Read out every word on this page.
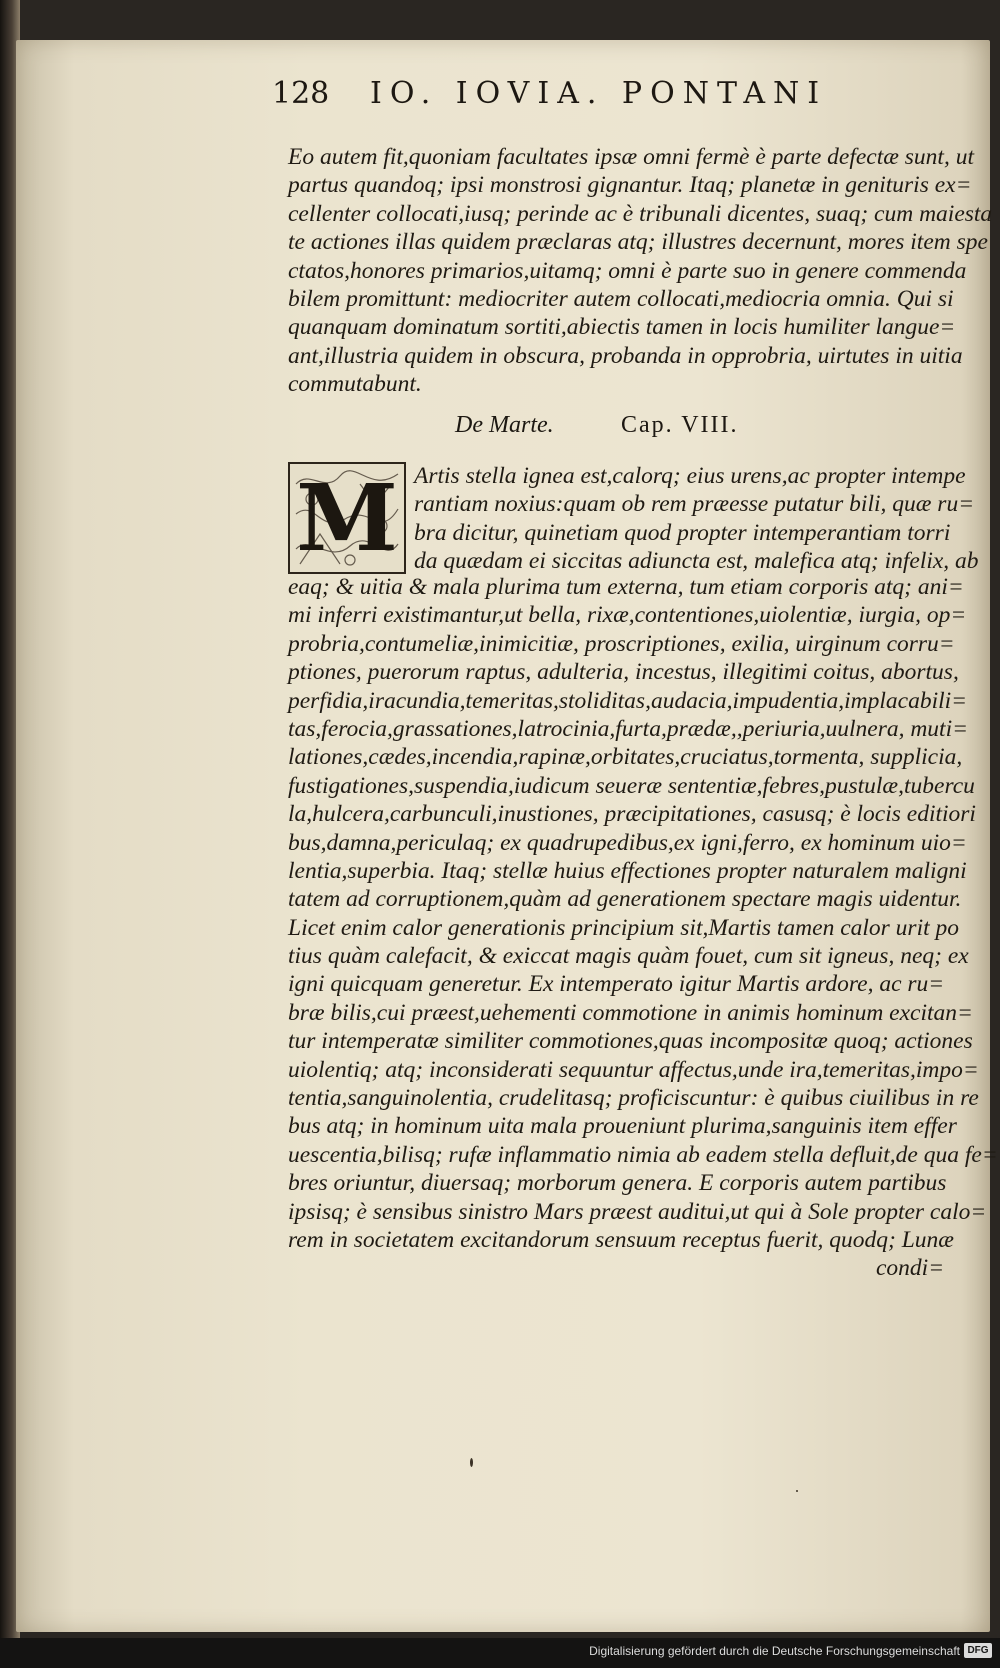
128 IO. IOVIA. PONTANI
Eo autem fit,quoniam facultates ipsæ omni fermè è parte defectæ sunt, ut
partus quandoq; ipsi monstrosi gignantur. Itaq; planetæ in genituris ex=
cellenter collocati,iusq; perinde ac è tribunali dicentes, suaq; cum maiesta
te actiones illas quidem præclaras atq; illustres decernunt, mores item spe
ctatos,honores primarios,uitamq; omni è parte suo in genere commenda
bilem promittunt: mediocriter autem collocati,mediocria omnia. Qui si
quanquam dominatum sortiti,abiectis tamen in locis humiliter langue=
ant,illustria quidem in obscura, probanda in opprobria, uirtutes in uitia
commutabunt.
De Marte.	Cap. VIII.
M Artis stella ignea est,calorq; eius urens,ac propter intempe
rantiam noxius:quam ob rem præesse putatur bili, quæ ru=
bra dicitur, quinetiam quod propter intemperantiam torri
da quædam ei siccitas adiuncta est, malefica atq; infelix, ab
eaq; & uitia & mala plurima tum externa, tum etiam corporis atq; ani=
mi inferri existimantur,ut bella, rixæ,contentiones,uiolentiæ, iurgia, op=
probria,contumeliæ,inimicitiæ, proscriptiones, exilia, uirginum corru=
ptiones, puerorum raptus, adulteria, incestus, illegitimi coitus, abortus,
perfidia,iracundia,temeritas,stoliditas,audacia,impudentia,implacabili=
tas,ferocia,grassationes,latrocinia,furta,prædæ,,periuria,uulnera, muti=
lationes,cædes,incendia,rapinæ,orbitates,cruciatus,tormenta, supplicia,
fustigationes,suspendia,iudicum seueræ sententiæ,febres,pustulæ,tubercu
la,hulcera,carbunculi,inustiones, præcipitationes, casusq; è locis editiori
bus,damna,periculaq; ex quadrupedibus,ex igni,ferro, ex hominum uio=
lentia,superbia. Itaq; stellæ huius effectiones propter naturalem maligni
tatem ad corruptionem,quàm ad generationem spectare magis uidentur.
Licet enim calor generationis principium sit,Martis tamen calor urit po
tius quàm calefacit, & exiccat magis quàm fouet, cum sit igneus, neq; ex
igni quicquam generetur. Ex intemperato igitur Martis ardore, ac ru=
bræ bilis,cui præest,uehementi commotione in animis hominum excitan=
tur intemperatæ similiter commotiones,quas incompositæ quoq; actiones
uiolentiq; atq; inconsiderati sequuntur affectus,unde ira,temeritas,impo=
tentia,sanguinolentia, crudelitasq; proficiscuntur: è quibus ciuilibus in re
bus atq; in hominum uita mala proueniunt plurima,sanguinis item effer
uescentia,bilisq; rufæ inflammatio nimia ab eadem stella defluit,de qua fe=
bres oriuntur, diuersaq; morborum genera. E corporis autem partibus
ipsisq; è sensibus sinistro Mars præest auditui,ut qui à Sole propter calo=
rem in societatem excitandorum sensuum receptus fuerit, quodq; Lunæ
condi=
Digitalisierung gefördert durch die Deutsche Forschungsgemeinschaft DFG
